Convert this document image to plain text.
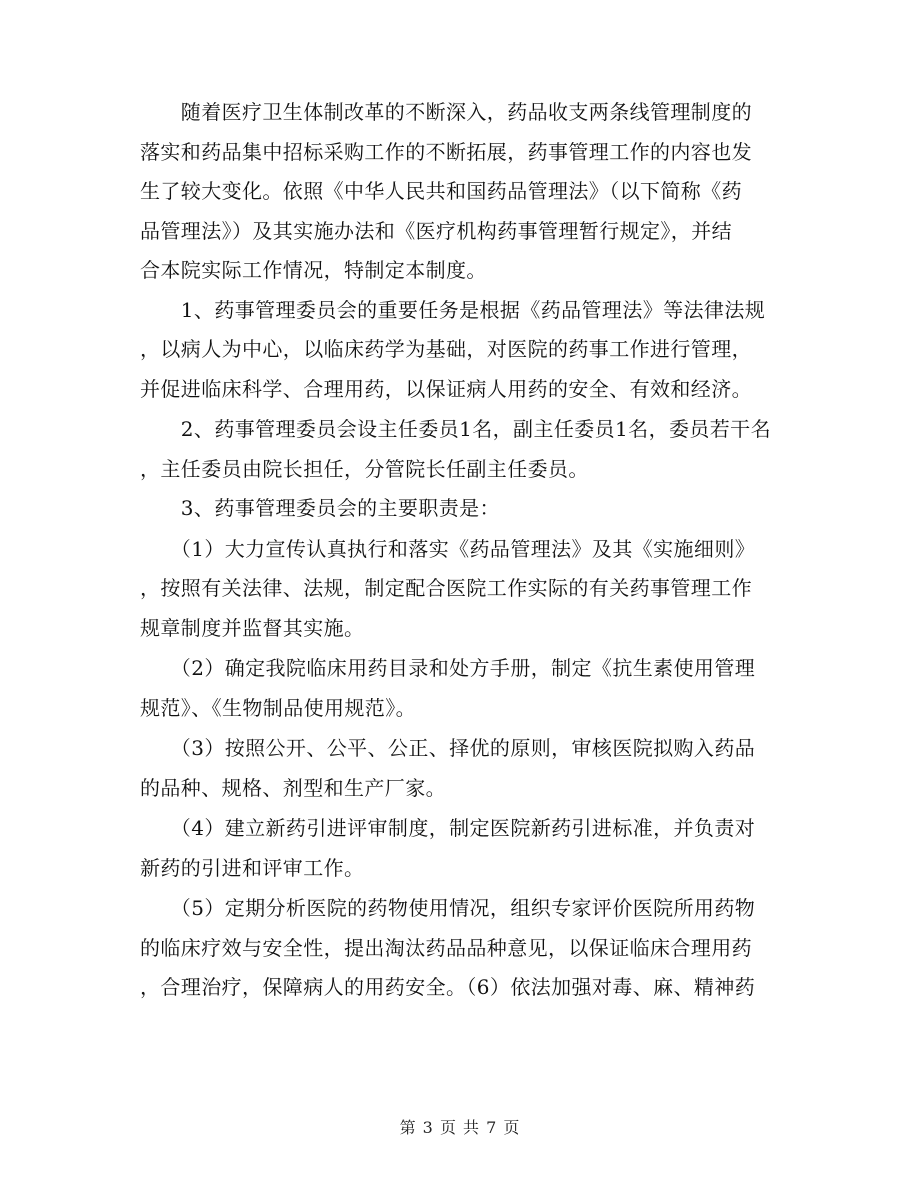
　　随着医疗卫生体制改革的不断深入，药品收支两条线管理制度的
落实和药品集中招标采购工作的不断拓展，药事管理工作的内容也发
生了较大变化。依照《中华人民共和国药品管理法》（以下简称《药
品管理法》）及其实施办法和《医疗机构药事管理暂行规定》，并结
合本院实际工作情况，特制定本制度。
　　1、药事管理委员会的重要任务是根据《药品管理法》等法律法规
，以病人为中心，以临床药学为基础，对医院的药事工作进行管理，
并促进临床科学、合理用药，以保证病人用药的安全、有效和经济。
　　2、药事管理委员会设主任委员1名，副主任委员1名，委员若干名
，主任委员由院长担任，分管院长任副主任委员。
　　3、药事管理委员会的主要职责是：
　　（1）大力宣传认真执行和落实《药品管理法》及其《实施细则》
，按照有关法律、法规，制定配合医院工作实际的有关药事管理工作
规章制度并监督其实施。
　　（2）确定我院临床用药目录和处方手册，制定《抗生素使用管理
规范》、《生物制品使用规范》。
　　（3）按照公开、公平、公正、择优的原则，审核医院拟购入药品
的品种、规格、剂型和生产厂家。
　　（4）建立新药引进评审制度，制定医院新药引进标准，并负责对
新药的引进和评审工作。
　　（5）定期分析医院的药物使用情况，组织专家评价医院所用药物
的临床疗效与安全性，提出淘汰药品品种意见，以保证临床合理用药
，合理治疗，保障病人的用药安全。（6）依法加强对毒、麻、精神药
第 3 页 共 7 页
